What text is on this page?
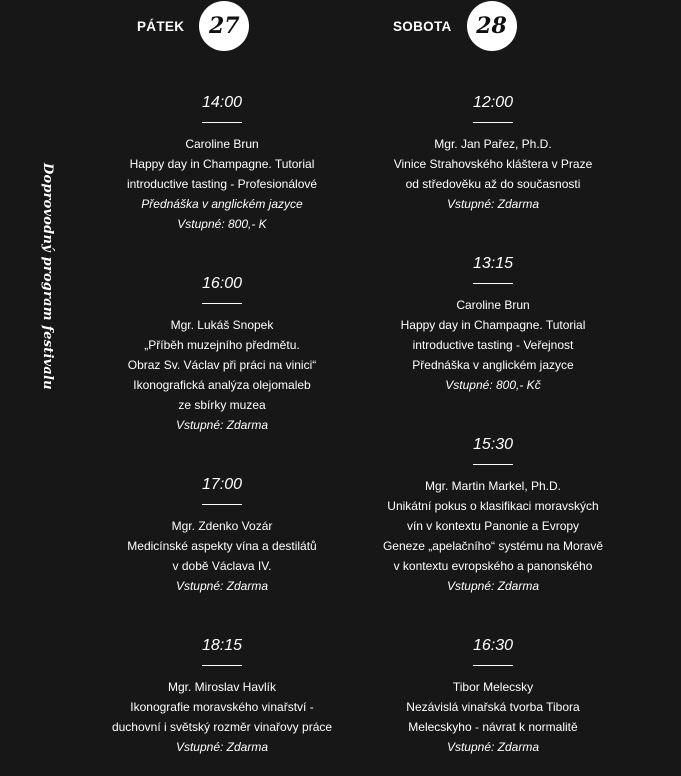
Doprovodný program festivalu
PÁTEK	27	SOBOTA	28
14:00
Caroline Brun
Happy day in Champagne. Tutorial
introductive tasting - Profesionálové
Přednáška v anglickém jazyce
Vstupné: 800,- K
16:00
Mgr. Lukáš Snopek
„Příběh muzejního předmětu.
Obraz Sv. Václav při práci na vinici“
Ikonografická analýza olejomaleb
ze sbírky muzea
Vstupné: Zdarma
17:00
Mgr. Zdenko Vozár
Medicínské aspekty vína a destilátů
v době Václava IV.
Vstupné: Zdarma
18:15
Mgr. Miroslav Havlík
Ikonografie moravského vinařství -
duchovní i světský rozměr vinařovy práce
Vstupné: Zdarma
12:00
Mgr. Jan Pařez, Ph.D.
Vinice Strahovského kláštera v Praze
od středověku až do současnosti
Vstupné: Zdarma
13:15
Caroline Brun
Happy day in Champagne. Tutorial
introductive tasting - Veřejnost
Přednáška v anglickém jazyce
Vstupné: 800,- Kč
15:30
Mgr. Martin Markel, Ph.D.
Unikátní pokus o klasifikaci moravských
vín v kontextu Panonie a Evropy
Geneze „apelačního“ systému na Moravě
v kontextu evropského a panonského
Vstupné: Zdarma
16:30
Tibor Melecsky
Nezávislá vinařská tvorba Tibora
Melecskyho - návrat k normalitě
Vstupné: Zdarma
